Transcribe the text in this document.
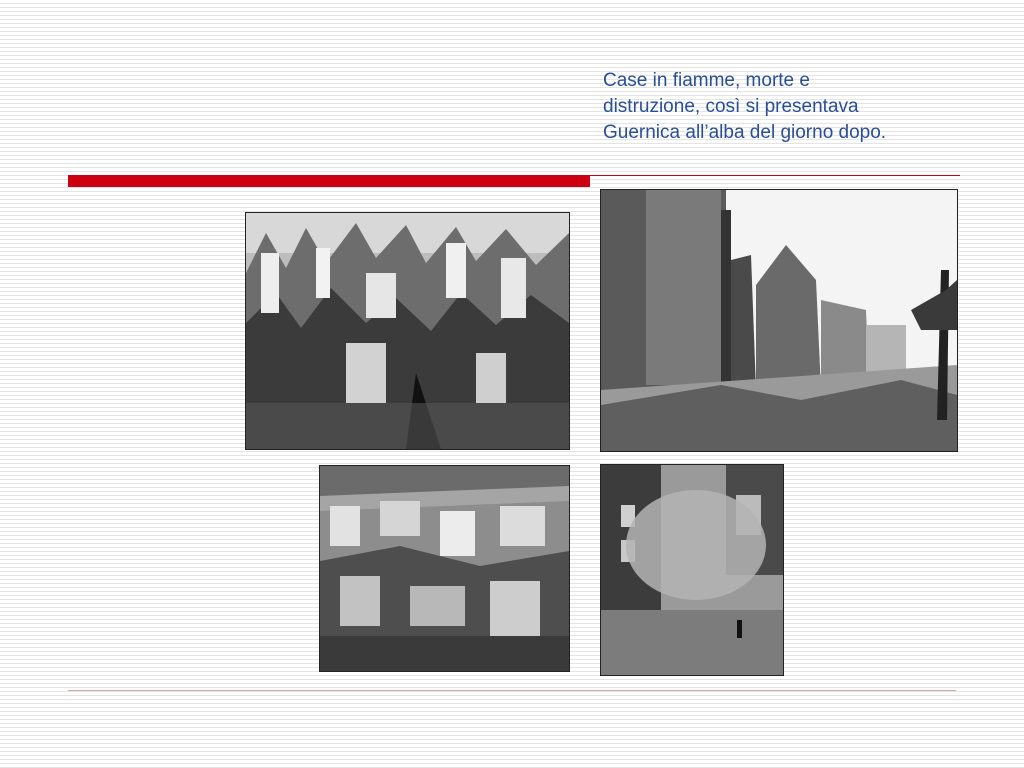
Case in fiamme, morte e
distruzione, così si presentava
Guernica all’alba del giorno dopo.
